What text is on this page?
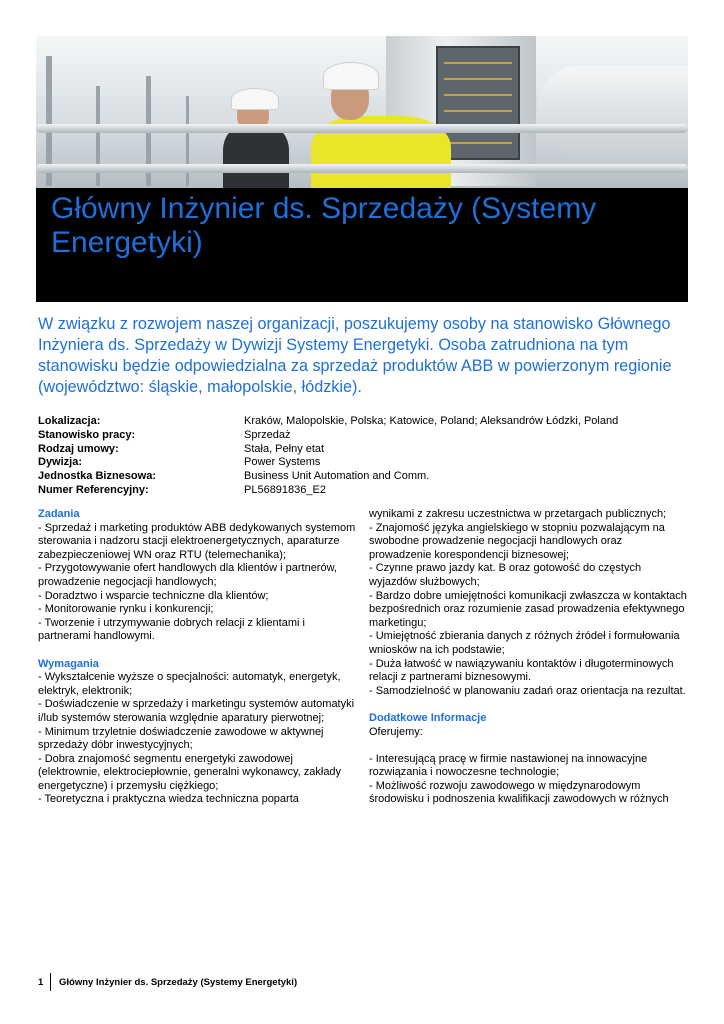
Główny Inżynier ds. Sprzedaży (Systemy Energetyki)
W związku z rozwojem naszej organizacji, poszukujemy osoby na stanowisko Głównego Inżyniera ds. Sprzedaży w Dywizji Systemy Energetyki. Osoba zatrudniona na tym stanowisku będzie odpowiedzialna za sprzedaż produktów ABB w powierzonym regionie (województwo: śląskie, małopolskie, łódzkie).
Lokalizacja:	Kraków, Malopolskie, Polska; Katowice, Poland; Aleksandrów Łódzki, Poland
Stanowisko pracy:	Sprzedaż
Rodzaj umowy:	Stała, Pełny etat
Dywizja:	Power Systems
Jednostka Biznesowa:	Business Unit Automation and Comm.
Numer Referencyjny:	PL56891836_E2
Zadania

- Sprzedaż i marketing produktów ABB dedykowanych systemom sterowania i nadzoru stacji elektroenergetycznych, aparaturze zabezpieczeniowej WN oraz RTU (telemechanika);

- Przygotowywanie ofert handlowych dla klientów i partnerów, prowadzenie negocjacji handlowych;

- Doradztwo i wsparcie techniczne dla klientów;

- Monitorowanie rynku i konkurencji;

- Tworzenie i utrzymywanie dobrych relacji z klientami i partnerami handlowymi.

Wymagania

- Wykształcenie wyższe o specjalności: automatyk, energetyk, elektryk, elektronik;

- Doświadczenie w sprzedaży i marketingu systemów automatyki i/lub systemów sterowania względnie aparatury pierwotnej;

- Minimum trzyletnie doświadczenie zawodowe w aktywnej sprzedaży dóbr inwestycyjnych;

- Dobra znajomość segmentu energetyki zawodowej (elektrownie, elektrociepłownie, generalni wykonawcy, zakłady energetyczne) i przemysłu ciężkiego;

- Teoretyczna i praktyczna wiedza techniczna poparta

wynikami z zakresu uczestnictwa w przetargach publicznych;

- Znajomość języka angielskiego w stopniu pozwalającym na swobodne prowadzenie negocjacji handlowych oraz prowadzenie korespondencji biznesowej;

- Czynne prawo jazdy kat. B oraz gotowość do częstych wyjazdów służbowych;

- Bardzo dobre umiejętności komunikacji zwłaszcza w kontaktach bezpośrednich oraz rozumienie zasad prowadzenia efektywnego marketingu;

- Umiejętność zbierania danych z różnych źródeł i formułowania wniosków na ich podstawie;

- Duża łatwość w nawiązywaniu kontaktów i długoterminowych relacji z partnerami biznesowymi.

- Samodzielność w planowaniu zadań oraz orientacja na rezultat.

Dodatkowe Informacje

Oferujemy:

- Interesującą pracę w firmie nastawionej na innowacyjne rozwiązania i nowoczesne technologie;

- Możliwość rozwoju zawodowego w międzynarodowym środowisku i podnoszenia kwalifikacji zawodowych w różnych

1 Główny Inżynier ds. Sprzedaży (Systemy Energetyki)
